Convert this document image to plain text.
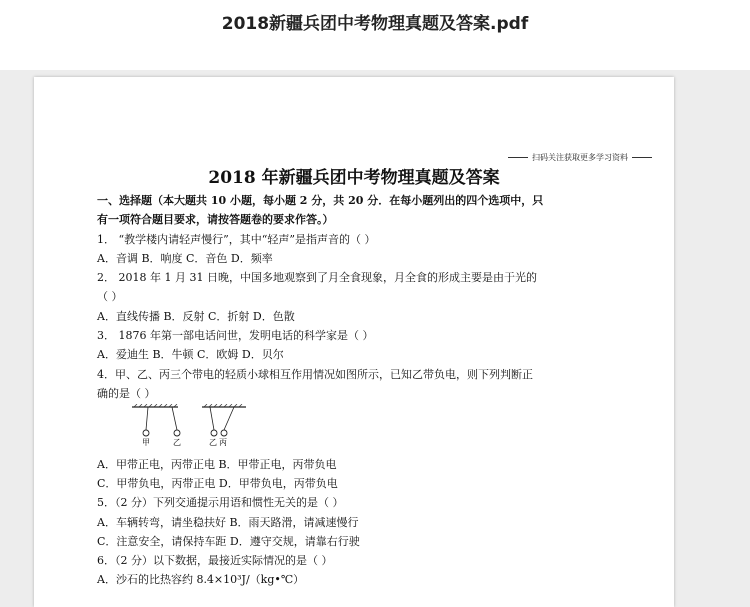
2018新疆兵团中考物理真题及答案.pdf
扫码关注获取更多学习资料
2018 年新疆兵团中考物理真题及答案
一、选择题（本大题共 10 小题，每小题 2 分，共 20 分．在每小题列出的四个选项中，只
有一项符合题目要求，请按答题卷的要求作答。）
1． “教学楼内请轻声慢行”，其中“轻声”是指声音的（ ）
A．音调 B．响度 C．音色 D．频率
2． 2018 年 1 月 31 日晚，中国多地观察到了月全食现象，月全食的形成主要是由于光的
（ ）
A．直线传播 B．反射 C．折射 D．色散
3． 1876 年第一部电话问世，发明电话的科学家是（ ）
A．爱迪生 B．牛顿 C．欧姆 D．贝尔
4．甲、乙、丙三个带电的轻质小球相互作用情况如图所示，已知乙带负电，则下列判断正
确的是（ ）
甲	乙	乙 丙
A．甲带正电，丙带正电 B．甲带正电，丙带负电
C．甲带负电，丙带正电 D．甲带负电，丙带负电
5．（2 分）下列交通提示用语和惯性无关的是（ ）
A．车辆转弯，请坐稳扶好 B．雨天路滑，请减速慢行
C．注意安全，请保持车距 D．遵守交规，请靠右行驶
6．（2 分）以下数据，最接近实际情况的是（ ）
A．沙石的比热容约 8.4×10³J/（kg•℃）
